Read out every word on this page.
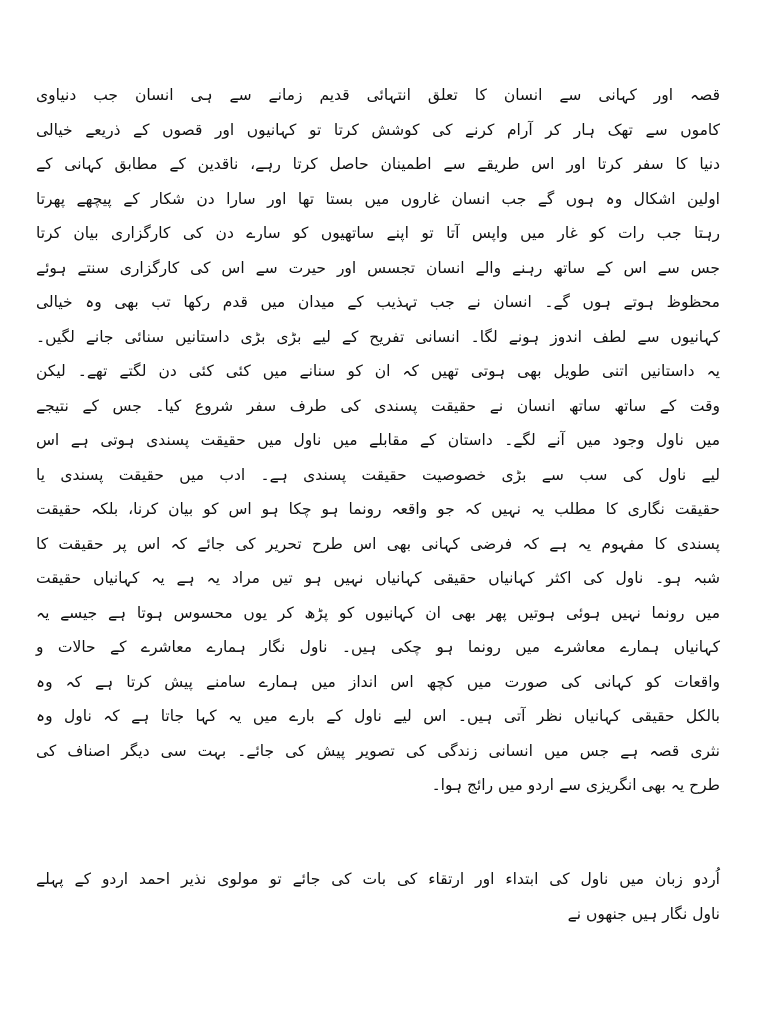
قصہ اور کہانی سے انسان کا تعلق انتہائی قدیم زمانے سے ہی انسان جب دنیاوی
کاموں سے تھک ہار کر آرام کرنے کی کوشش کرتا تو کہانیوں اور قصوں کے ذریعے خیالی
دنیا کا سفر کرتا اور اس طریقے سے اطمینان حاصل کرتا رہے، ناقدین کے مطابق کہانی کے
اولین اشکال وہ ہوں گے جب انسان غاروں میں بستا تھا اور سارا دن شکار کے پیچھے پھرتا
رہتا جب رات کو غار میں واپس آتا تو اپنے ساتھیوں کو سارے دن کی کارگزاری بیان کرتا
جس سے اس کے ساتھ رہنے والے انسان تجسس اور حیرت سے اس کی کارگزاری سنتے ہوئے
محظوظ ہوتے ہوں گے۔ انسان نے جب تہذیب کے میدان میں قدم رکھا تب بھی وہ خیالی
کہانیوں سے لطف اندوز ہونے لگا۔ انسانی تفریح کے لیے بڑی بڑی داستانیں سنائی جانے لگیں۔
یہ داستانیں اتنی طویل بھی ہوتی تھیں کہ ان کو سنانے میں کئی کئی دن لگتے تھے۔ لیکن
وقت کے ساتھ ساتھ انسان نے حقیقت پسندی کی طرف سفر شروع کیا۔ جس کے نتیجے
میں ناول وجود میں آنے لگے۔ داستان کے مقابلے میں ناول میں حقیقت پسندی ہوتی ہے اس
لیے ناول کی سب سے بڑی خصوصیت حقیقت پسندی ہے۔ ادب میں حقیقت پسندی یا
حقیقت نگاری کا مطلب یہ نہیں کہ جو واقعہ رونما ہو چکا ہو اس کو بیان کرنا، بلکہ حقیقت
پسندی کا مفہوم یہ ہے کہ فرضی کہانی بھی اس طرح تحریر کی جائے کہ اس پر حقیقت کا
شبہ ہو۔ ناول کی اکثر کہانیاں حقیقی کہانیاں نہیں ہو تیں مراد یہ ہے یہ کہانیاں حقیقت
میں رونما نہیں ہوئی ہوتیں پھر بھی ان کہانیوں کو پڑھ کر یوں محسوس ہوتا ہے جیسے یہ
کہانیاں ہمارے معاشرے میں رونما ہو چکی ہیں۔ ناول نگار ہمارے معاشرے کے حالات و
واقعات کو کہانی کی صورت میں کچھ اس انداز میں ہمارے سامنے پیش کرتا ہے کہ وہ
بالکل حقیقی کہانیاں نظر آتی ہیں۔ اس لیے ناول کے بارے میں یہ کہا جاتا ہے کہ ناول وہ
نثری قصہ ہے جس میں انسانی زندگی کی تصویر پیش کی جائے۔ بہت سی دیگر اصناف کی
طرح یہ بھی انگریزی سے اردو میں رائج ہوا۔
اُردو زبان میں ناول کی ابتداء اور ارتقاء کی بات کی جائے تو مولوی نذیر احمد اردو کے پہلے
ناول نگار ہیں جنھوں نے
